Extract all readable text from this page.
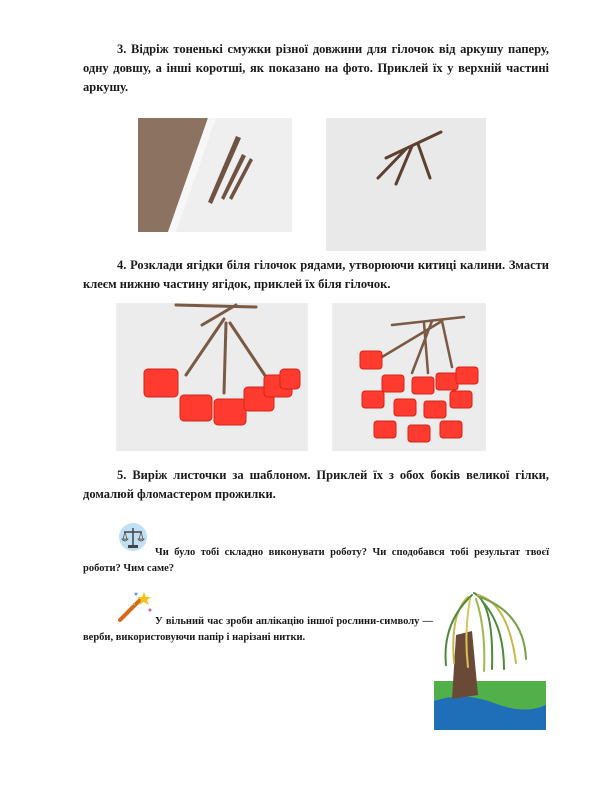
3. Відріж тоненькі смужки різної довжини для гілочок від аркушу паперу, одну довшу, а інші коротші, як показано на фото. Приклей їх у верхній частині аркушу.
4. Розклади ягідки біля гілочок рядами, утворюючи китиці калини. Змасти клеєм нижню частину ягідок, приклей їх біля гілочок.
5. Виріж листочки за шаблоном. Приклей їх з обох боків великої гілки, домалюй фломастером прожилки.
Чи було тобі складно виконувати роботу? Чи сподобався тобі результат твоєї роботи? Чим саме?
У вільний час зроби аплікацію іншої рослини-символу — верби, використовуючи папір і нарізані нитки.
